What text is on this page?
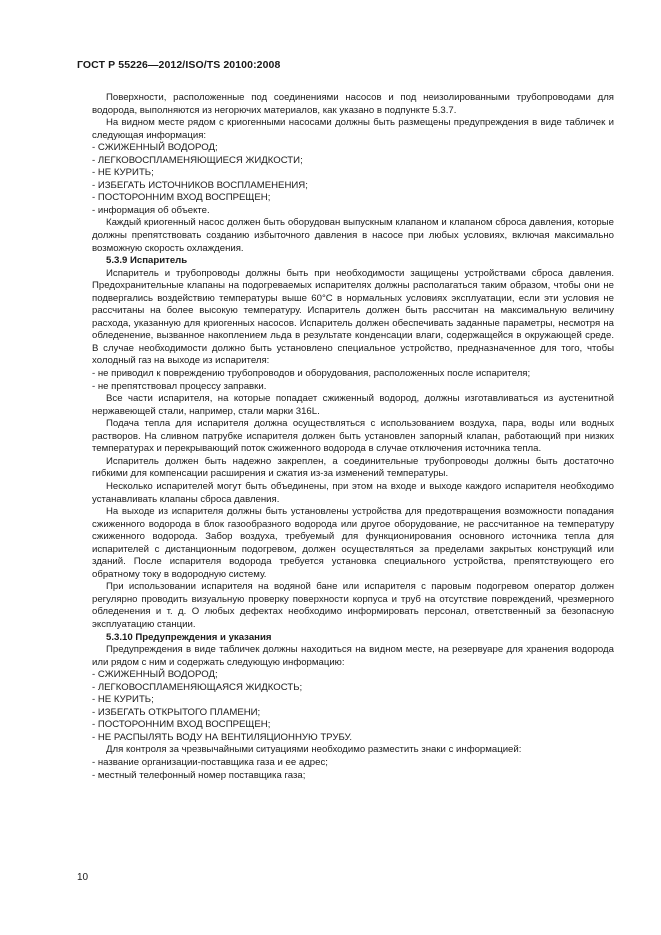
ГОСТ Р 55226—2012/ISO/TS 20100:2008

Поверхности, расположенные под соединениями насосов и под неизолированными трубопроводами для водорода, выполняются из негорючих материалов, как указано в подпункте 5.3.7.

На видном месте рядом с криогенными насосами должны быть размещены предупреждения в виде табличек и следующая информация:

- СЖИЖЕННЫЙ ВОДОРОД;

- ЛЕГКОВОСПЛАМЕНЯЮЩИЕСЯ ЖИДКОСТИ;

- НЕ КУРИТЬ;

- ИЗБЕГАТЬ ИСТОЧНИКОВ ВОСПЛАМЕНЕНИЯ;

- ПОСТОРОННИМ ВХОД ВОСПРЕЩЕН;

- информация об объекте.

Каждый криогенный насос должен быть оборудован выпускным клапаном и клапаном сброса давления, которые должны препятствовать созданию избыточного давления в насосе при любых условиях, включая максимально возможную скорость охлаждения.

5.3.9 Испаритель

Испаритель и трубопроводы должны быть при необходимости защищены устройствами сброса давления. Предохранительные клапаны на подогреваемых испарителях должны располагаться таким образом, чтобы они не подвергались воздействию температуры выше 60°С в нормальных условиях эксплуатации, если эти условия не рассчитаны на более высокую температуру. Испаритель должен быть рассчитан на максимальную величину расхода, указанную для криогенных насосов. Испаритель должен обеспечивать заданные параметры, несмотря на обледенение, вызванное накоплением льда в результате конденсации влаги, содержащейся в окружающей среде. В случае необходимости должно быть установлено специальное устройство, предназначенное для того, чтобы холодный газ на выходе из испарителя:

- не приводил к повреждению трубопроводов и оборудования, расположенных после испарителя;

- не препятствовал процессу заправки.

Все части испарителя, на которые попадает сжиженный водород, должны изготавливаться из аустенитной нержавеющей стали, например, стали марки 316L.

Подача тепла для испарителя должна осуществляться с использованием воздуха, пара, воды или водных растворов. На сливном патрубке испарителя должен быть установлен запорный клапан, работающий при низких температурах и перекрывающий поток сжиженного водорода в случае отключения источника тепла.

Испаритель должен быть надежно закреплен, а соединительные трубопроводы должны быть достаточно гибкими для компенсации расширения и сжатия из-за изменений температуры.

Несколько испарителей могут быть объединены, при этом на входе и выходе каждого испарителя необходимо устанавливать клапаны сброса давления.

На выходе из испарителя должны быть установлены устройства для предотвращения возможности попадания сжиженного водорода в блок газообразного водорода или другое оборудование, не рассчитанное на температуру сжиженного водорода. Забор воздуха, требуемый для функционирования основного источника тепла для испарителей с дистанционным подогревом, должен осуществляться за пределами закрытых конструкций или зданий. После испарителя водорода требуется установка специального устройства, препятствующего его обратному току в водородную систему.

При использовании испарителя на водяной бане или испарителя с паровым подогревом оператор должен регулярно проводить визуальную проверку поверхности корпуса и труб на отсутствие повреждений, чрезмерного обледенения и т. д. О любых дефектах необходимо информировать персонал, ответственный за безопасную эксплуатацию станции.

5.3.10 Предупреждения и указания

Предупреждения в виде табличек должны находиться на видном месте, на резервуаре для хранения водорода или рядом с ним и содержать следующую информацию:

- СЖИЖЕННЫЙ ВОДОРОД;

- ЛЕГКОВОСПЛАМЕНЯЮЩАЯСЯ ЖИДКОСТЬ;

- НЕ КУРИТЬ;

- ИЗБЕГАТЬ ОТКРЫТОГО ПЛАМЕНИ;

- ПОСТОРОННИМ ВХОД ВОСПРЕЩЕН;

- НЕ РАСПЫЛЯТЬ ВОДУ НА ВЕНТИЛЯЦИОННУЮ ТРУБУ.

Для контроля за чрезвычайными ситуациями необходимо разместить знаки с информацией:

- название организации-поставщика газа и ее адрес;

- местный телефонный номер поставщика газа;

10
